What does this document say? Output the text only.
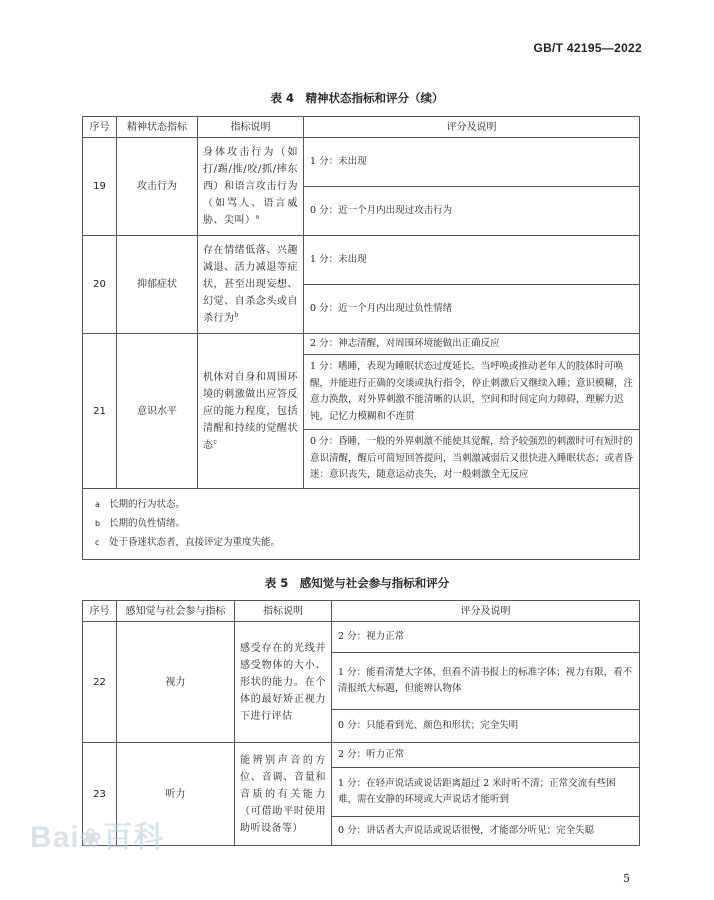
GB/T 42195—2022
表 4　精神状态指标和评分（续）
序号	精神状态指标	指标说明	评分及说明
19	攻击行为	身体攻击行为（如打/踢/推/咬/抓/摔东西）和语言攻击行为（如骂人、语言威胁、尖叫）$^a$	1 分：未出现
0 分：近一个月内出现过攻击行为

20	抑郁症状	存在情绪低落、兴趣减退、活力减退等症状，甚至出现妄想、幻觉、自杀念头或自杀行为$^b$	1 分：未出现
0 分：近一个月内出现过负性情绪

21	意识水平	机体对自身和周围环境的刺激做出应答反应的能力程度，包括清醒和持续的觉醒状态$^c$	2 分：神志清醒，对周围环境能做出正确反应
1 分：嗜睡，表现为睡眠状态过度延长。当呼唤或推动老年人的肢体时可唤醒，并能进行正确的交谈或执行指令，停止刺激后又继续入睡；意识模糊，注意力涣散，对外界刺激不能清晰的认识，空间和时间定向力障碍，理解力迟钝，记忆力模糊和不连贯
0 分：昏睡，一般的外界刺激不能使其觉醒，给予较强烈的刺激时可有短时的意识清醒，醒后可简短回答提问，当刺激减弱后又很快进入睡眠状态；或者昏迷：意识丧失，随意运动丧失，对一般刺激全无反应

a 长期的行为状态。
b 长期的负性情绪。
c 处于昏迷状态者，直接评定为重度失能。			
表 5　感知觉与社会参与指标和评分
序号	感知觉与社会参与指标	指标说明	评分及说明
22	视力	感受存在的光线并感受物体的大小、形状的能力。在个体的最好矫正视力下进行评估	2 分：视力正常
1 分：能看清楚大字体，但看不清书报上的标准字体；视力有限，看不清报纸大标题，但能辨认物体
0 分：只能看到光、颜色和形状；完全失明

23	听力	能辨别声音的方位、音调、音量和音质的有关能力（可借助平时使用助听设备等）	2 分：听力正常
1 分：在轻声说话或说话距离超过 2 米时听不清；正常交流有些困难，需在安静的环境或大声说话才能听到
0 分：讲话者大声说话或说话很慢，才能部分听见；完全失聪
Bai❀百科
5
